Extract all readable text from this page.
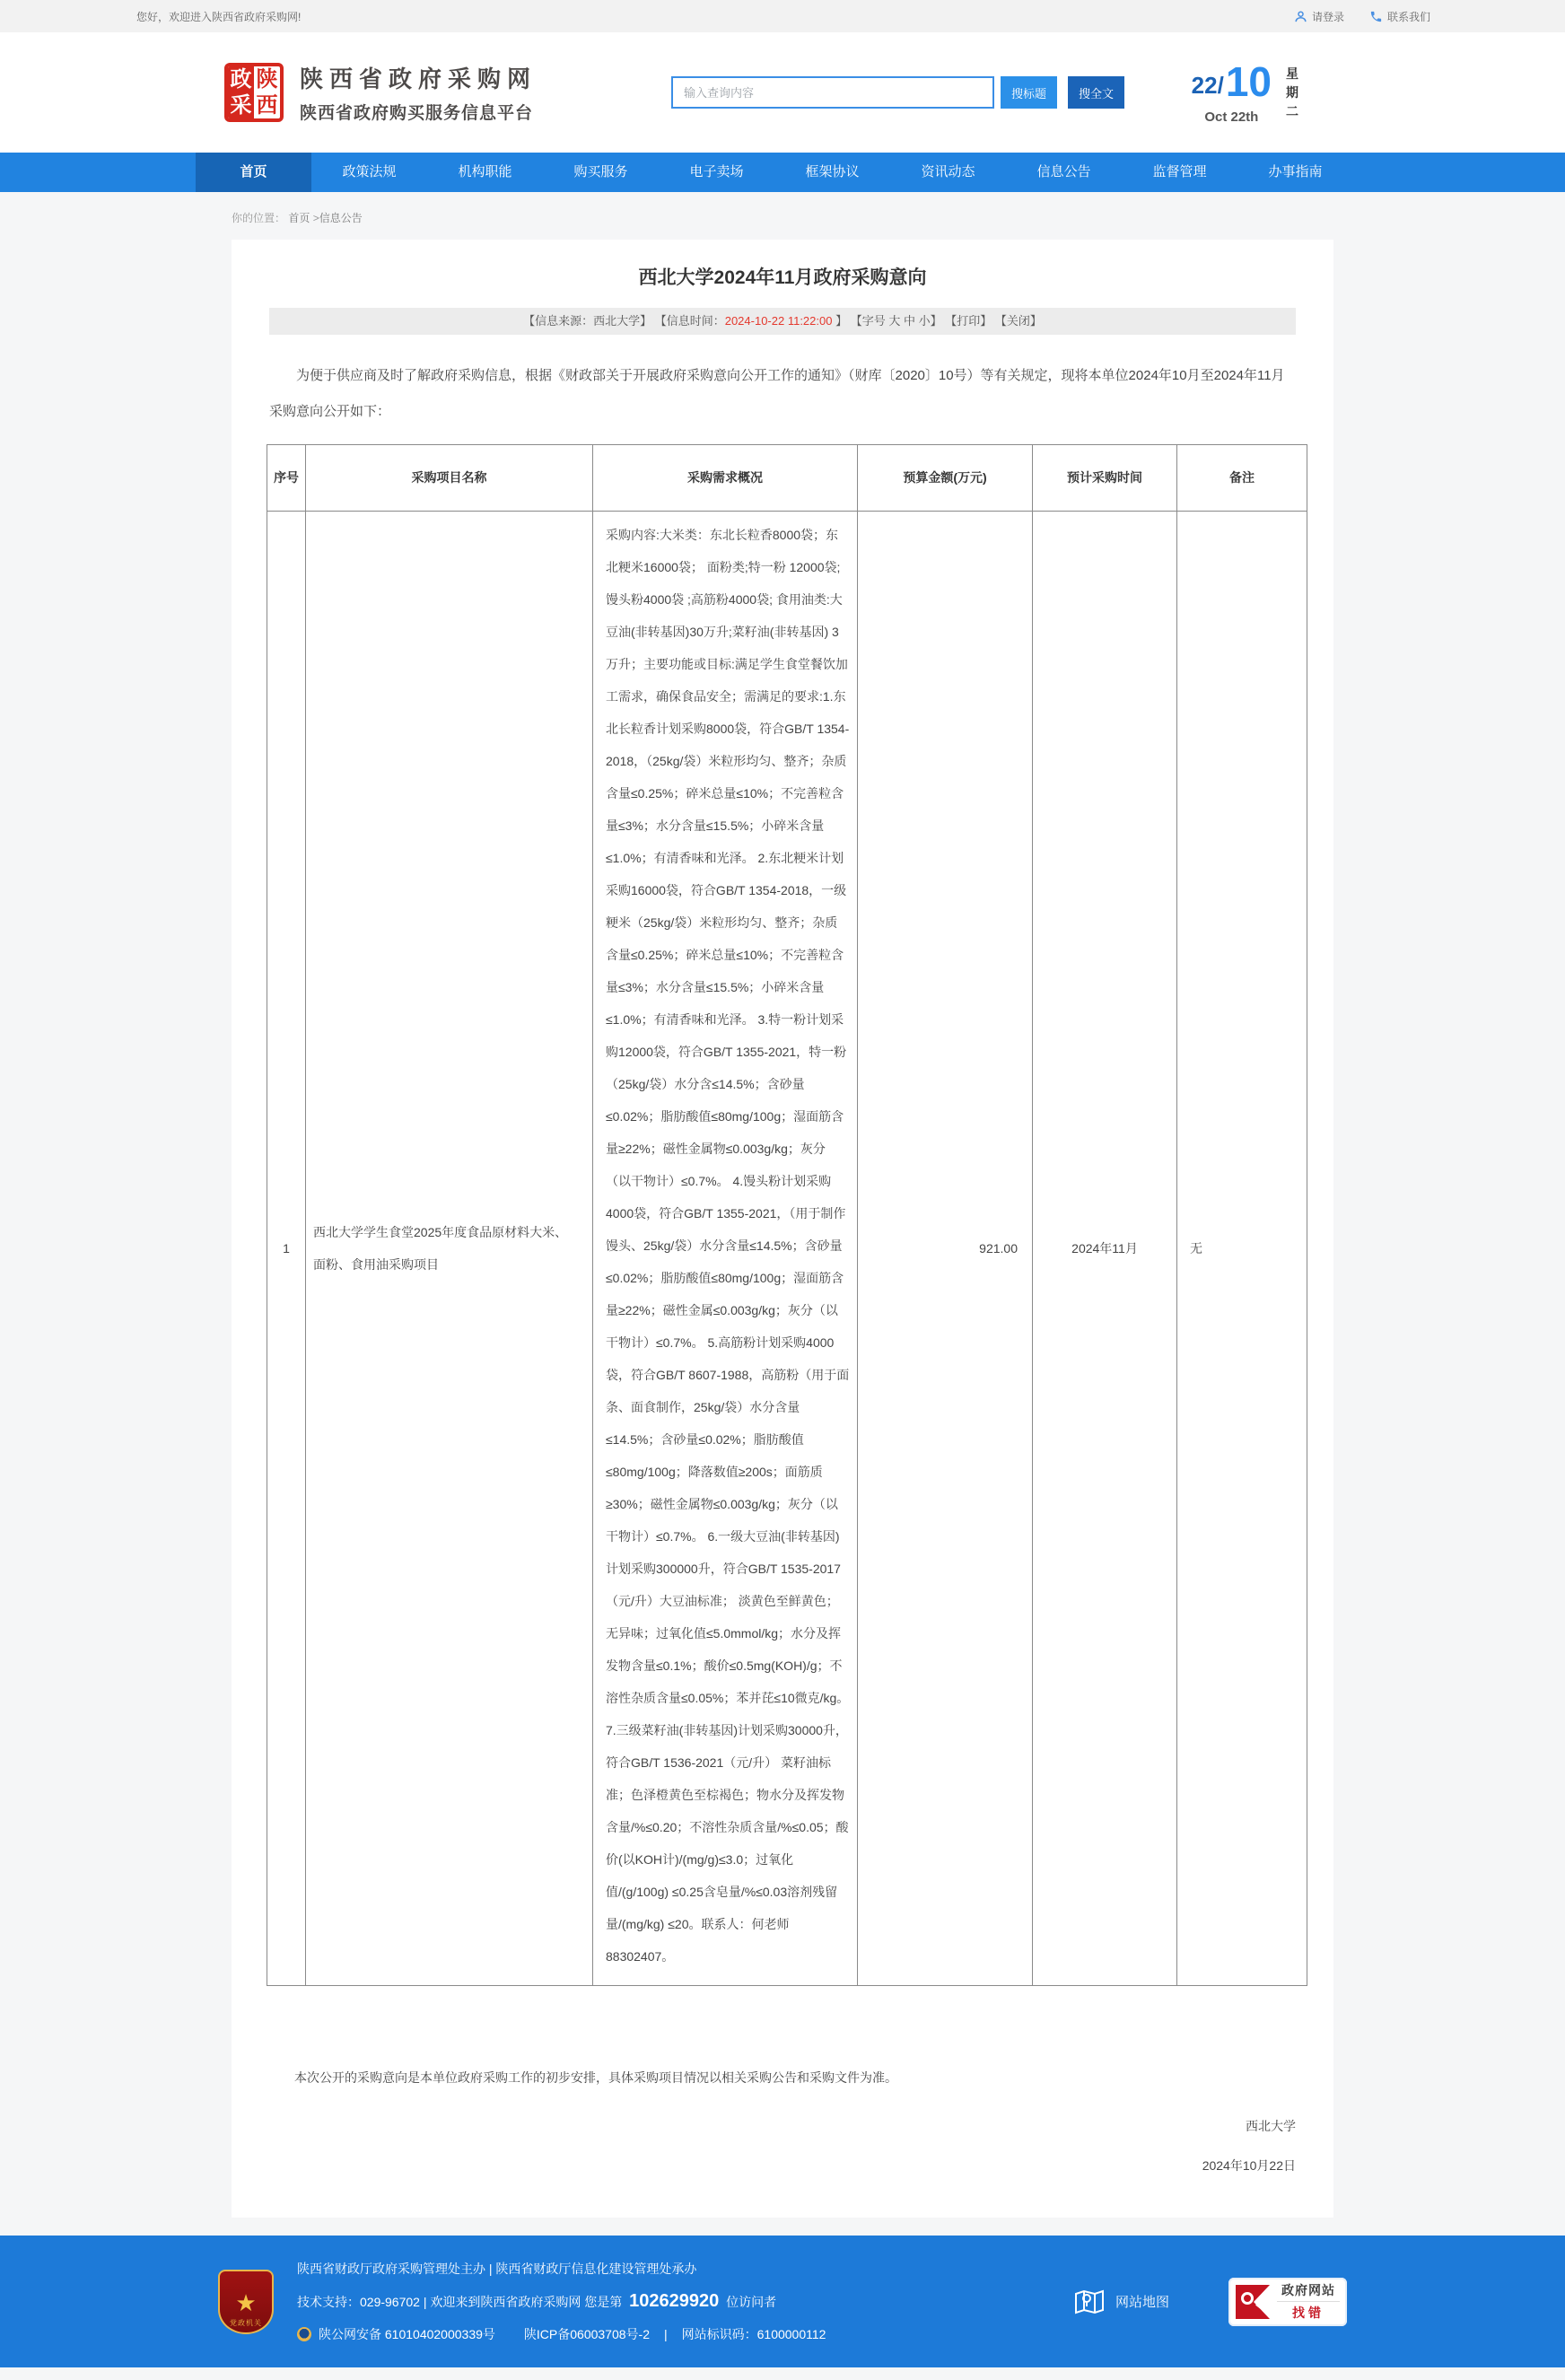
您好，欢迎进入陕西省政府采购网!	请登录	联系我们
政 陕
采 西
陕西省政府采购网
陕西省政府购买服务信息平台
输入查询内容
搜标题	搜全文	22/ 10
Oct 22th
星期二
首页	政策法规	机构职能	购买服务	电子卖场	框架协议	资讯动态	信息公告	监督管理	办事指南
你的位置： 首页 >信息公告
西北大学2024年11月政府采购意向
【信息来源：西北大学】 【信息时间：2024-10-22 11:22:00 】 【字号 大 中 小】 【打印】 【关闭】

为便于供应商及时了解政府采购信息，根据《财政部关于开展政府采购意向公开工作的通知》（财库〔2020〕10号）等有关规定，现将本单位2024年10月至2024年11月采购意向公开如下：

序号	采购项目名称	采购需求概况	预算金额(万元)	预计采购时间	备注
1	西北大学学生食堂2025年度食品原材料大米、面粉、食用油采购项目	采购内容:大米类：东北长粒香8000袋；东北粳米16000袋； 面粉类;特一粉 12000袋;馒头粉4000袋 ;高筋粉4000袋; 食用油类:大豆油(非转基因)30万升;菜籽油(非转基因) 3万升；主要功能或目标:满足学生食堂餐饮加工需求，确保食品安全；需满足的要求:1.东北长粒香计划采购8000袋，符合GB/T 1354-2018，（25kg/袋）米粒形均匀、整齐；杂质含量≤0.25%；碎米总量≤10%；不完善粒含量≤3%；水分含量≤15.5%；小碎米含量≤1.0%；有清香味和光泽。 2.东北粳米计划采购16000袋，符合GB/T 1354-2018，一级粳米（25kg/袋）米粒形均匀、整齐；杂质含量≤0.25%；碎米总量≤10%；不完善粒含量≤3%；水分含量≤15.5%；小碎米含量≤1.0%；有清香味和光泽。 3.特一粉计划采购12000袋，符合GB/T 1355-2021，特一粉（25kg/袋）水分含≤14.5%；含砂量≤0.02%；脂肪酸值≤80mg/100g；湿面筋含量≥22%；磁性金属物≤0.003g/kg；灰分（以干物计）≤0.7%。 4.馒头粉计划采购4000袋，符合GB/T 1355-2021，（用于制作馒头、25kg/袋）水分含量≤14.5%；含砂量≤0.02%；脂肪酸值≤80mg/100g；湿面筋含量≥22%；磁性金属≤0.003g/kg；灰分（以干物计）≤0.7%。 5.高筋粉计划采购4000袋，符合GB/T 8607-1988，高筋粉（用于面条、面食制作，25kg/袋）水分含量≤14.5%；含砂量≤0.02%；脂肪酸值≤80mg/100g；降落数值≥200s；面筋质≥30%；磁性金属物≤0.003g/kg；灰分（以干物计）≤0.7%。 6.一级大豆油(非转基因)计划采购300000升，符合GB/T 1535-2017（元/升）大豆油标准； 淡黄色至鲜黄色；无异味；过氧化值≤5.0mmol/kg；水分及挥发物含量≤0.1%；酸价≤0.5mg(KOH)/g；不溶性杂质含量≤0.05%；苯并芘≤10微克/kg。 7.三级菜籽油(非转基因)计划采购30000升，符合GB/T 1536-2021（元/升） 菜籽油标准；色泽橙黄色至棕褐色；物水分及挥发物含量/%≤0.20；不溶性杂质含量/%≤0.05；酸价(以KOH计)/(mg/g)≤3.0；过氧化值/(g/100g) ≤0.25含皂量/%≤0.03溶剂残留量/(mg/kg) ≤20。联系人：何老师 88302407。	921.00	2024年11月	无

本次公开的采购意向是本单位政府采购工作的初步安排，具体采购项目情况以相关采购公告和采购文件为准。

西北大学
2024年10月22日
★
党政机关
陕西省财政厅政府采购管理处主办 | 陕西省财政厅信息化建设管理处承办
技术支持：029-96702 | 欢迎来到陕西省政府采购网 您是第 102629920 位访问者
陕公网安备 61010402000339号 陕ICP备06003708号-2 | 网站标识码：6100000112
网站地图
政府网站
找错
